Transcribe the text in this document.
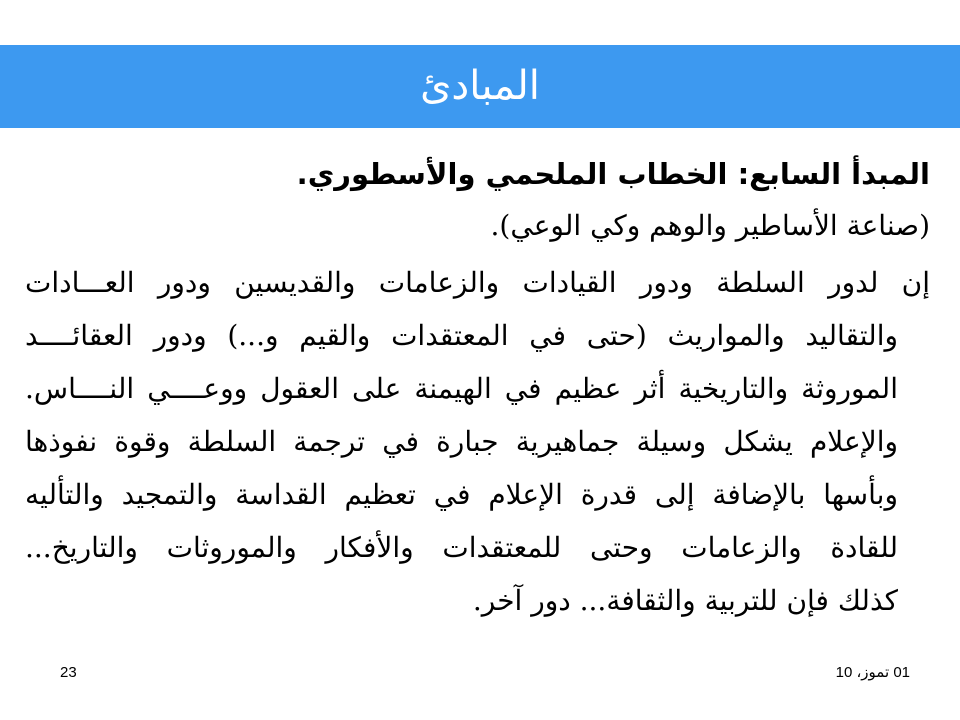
المبادئ
المبدأ السابع: الخطاب الملحمي والأسطوري.
(صناعة الأساطير والوهم وكي الوعي).
إن لدور السلطة ودور القيادات والزعامات والقديسين ودور العـــادات
والتقاليد والمواريث (حتى في المعتقدات والقيم و...) ودور العقائــــد
الموروثة والتاريخية أثر عظيم في الهيمنة على العقول ووعــــي النــــاس.
والإعلام يشكل وسيلة جماهيرية جبارة في ترجمة السلطة وقوة نفوذها
وبأسها بالإضافة إلى قدرة الإعلام في تعظيم القداسة والتمجيد والتأليه
للقادة والزعامات وحتى للمعتقدات والأفكار والموروثات والتاريخ...
كذلك فإن للتربية والثقافة... دور آخر.
23	01 تموز، 10
